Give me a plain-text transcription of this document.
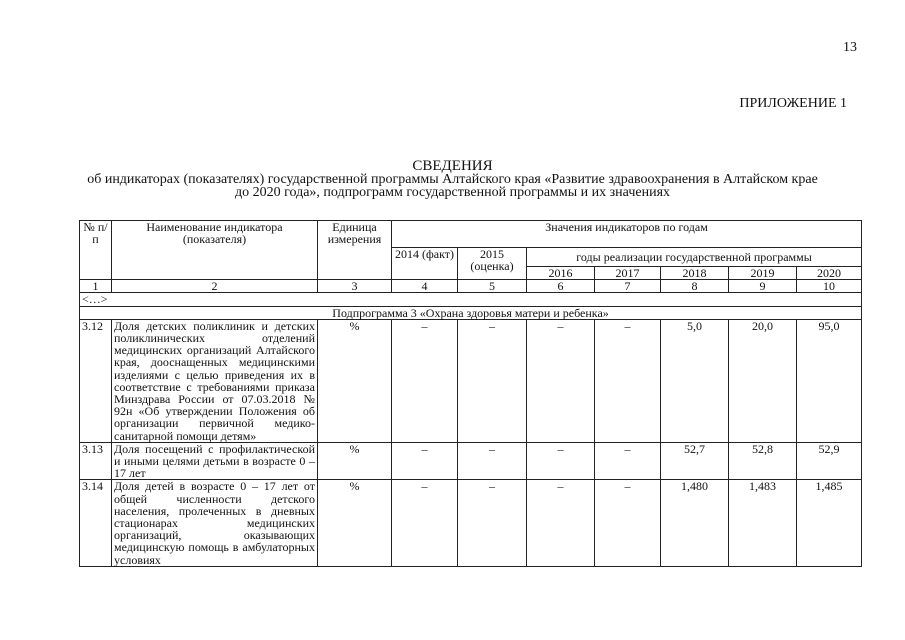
13
ПРИЛОЖЕНИЕ 1
СВЕДЕНИЯ
об индикаторах (показателях) государственной программы Алтайского края «Развитие здравоохранения в Алтайском крае
до 2020 года», подпрограмм государственной программы и их значениях
№ п/п	Наименование индикатора (показателя)	Единица измерения	Значения индикаторов по годам						
			2014 (факт)	2015 (оценка)	годы реализации государственной программы				
					2016	2017	2018	2019	2020
1	2	3	4	5	6	7	8	9	10
<…>									
Подпрограмма 3 «Охрана здоровья матери и ребенка»									
3.12	Доля детских поликлиник и детских поликлинических отделений медицинских организаций Алтайского края, дооснащенных медицинскими изделиями с целью приведения их в соответствие с требованиями приказа Минздрава России от 07.03.2018 № 92н «Об утверждении Положения об организации первичной медико-санитарной помощи детям»	%	–	–	–	–	5,0	20,0	95,0
3.13	Доля посещений с профилактической и иными целями детьми в возрасте 0 – 17 лет	%	–	–	–	–	52,7	52,8	52,9
3.14	Доля детей в возрасте 0 – 17 лет от общей численности детского населения, пролеченных в дневных стационарах медицинских организаций, оказывающих медицинскую помощь в амбулаторных условиях	%	–	–	–	–	1,480	1,483	1,485
